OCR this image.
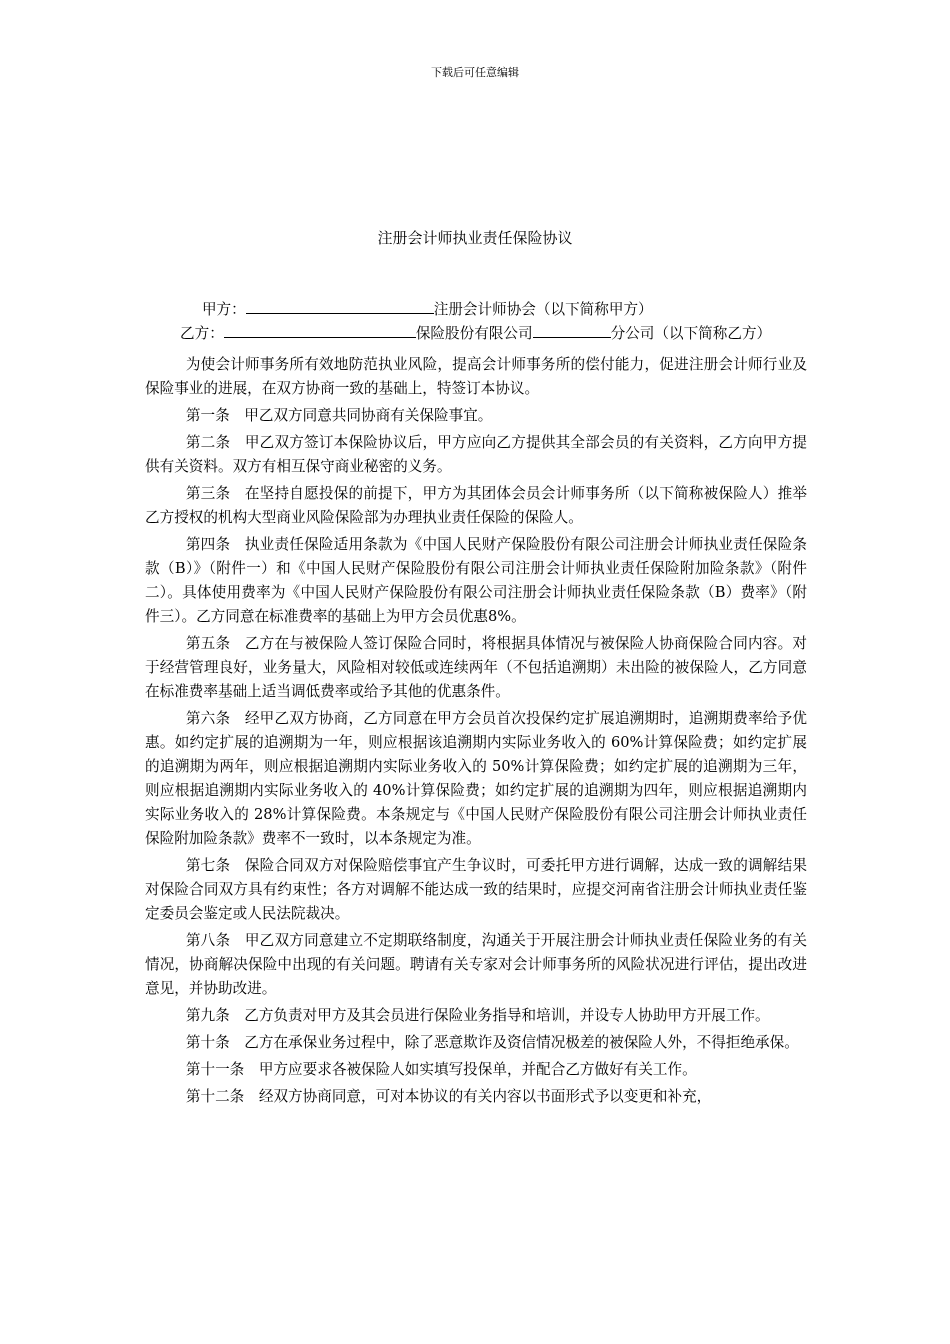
下载后可任意编辑
注册会计师执业责任保险协议

甲方：	注册会计师协会（以下简称甲方）

乙方：	保险股份有限公司	分公司（以下简称乙方）

为使会计师事务所有效地防范执业风险，提高会计师事务所的偿付能力，促进注册会计师行业及保险事业的进展，在双方协商一致的基础上，特签订本协议。

第一条 甲乙双方同意共同协商有关保险事宜。

第二条 甲乙双方签订本保险协议后，甲方应向乙方提供其全部会员的有关资料，乙方向甲方提供有关资料。双方有相互保守商业秘密的义务。

第三条 在坚持自愿投保的前提下，甲方为其团体会员会计师事务所（以下简称被保险人）推举乙方授权的机构大型商业风险保险部为办理执业责任保险的保险人。

第四条 执业责任保险适用条款为《中国人民财产保险股份有限公司注册会计师执业责任保险条款（B）》（附件一）和《中国人民财产保险股份有限公司注册会计师执业责任保险附加险条款》（附件二）。具体使用费率为《中国人民财产保险股份有限公司注册会计师执业责任保险条款（B）费率》（附件三）。乙方同意在标准费率的基础上为甲方会员优惠8%。

第五条 乙方在与被保险人签订保险合同时，将根据具体情况与被保险人协商保险合同内容。对于经营管理良好，业务量大，风险相对较低或连续两年（不包括追溯期）未出险的被保险人，乙方同意在标准费率基础上适当调低费率或给予其他的优惠条件。

第六条 经甲乙双方协商，乙方同意在甲方会员首次投保约定扩展追溯期时，追溯期费率给予优惠。如约定扩展的追溯期为一年，则应根据该追溯期内实际业务收入的 60%计算保险费；如约定扩展的追溯期为两年，则应根据追溯期内实际业务收入的 50%计算保险费；如约定扩展的追溯期为三年，则应根据追溯期内实际业务收入的 40%计算保险费；如约定扩展的追溯期为四年，则应根据追溯期内实际业务收入的 28%计算保险费。本条规定与《中国人民财产保险股份有限公司注册会计师执业责任保险附加险条款》费率不一致时，以本条规定为准。

第七条 保险合同双方对保险赔偿事宜产生争议时，可委托甲方进行调解，达成一致的调解结果对保险合同双方具有约束性；各方对调解不能达成一致的结果时，应提交河南省注册会计师执业责任鉴定委员会鉴定或人民法院裁决。

第八条 甲乙双方同意建立不定期联络制度，沟通关于开展注册会计师执业责任保险业务的有关情况，协商解决保险中出现的有关问题。聘请有关专家对会计师事务所的风险状况进行评估，提出改进意见，并协助改进。

第九条 乙方负责对甲方及其会员进行保险业务指导和培训，并设专人协助甲方开展工作。

第十条 乙方在承保业务过程中，除了恶意欺诈及资信情况极差的被保险人外，不得拒绝承保。

第十一条 甲方应要求各被保险人如实填写投保单，并配合乙方做好有关工作。

第十二条 经双方协商同意，可对本协议的有关内容以书面形式予以变更和补充，
